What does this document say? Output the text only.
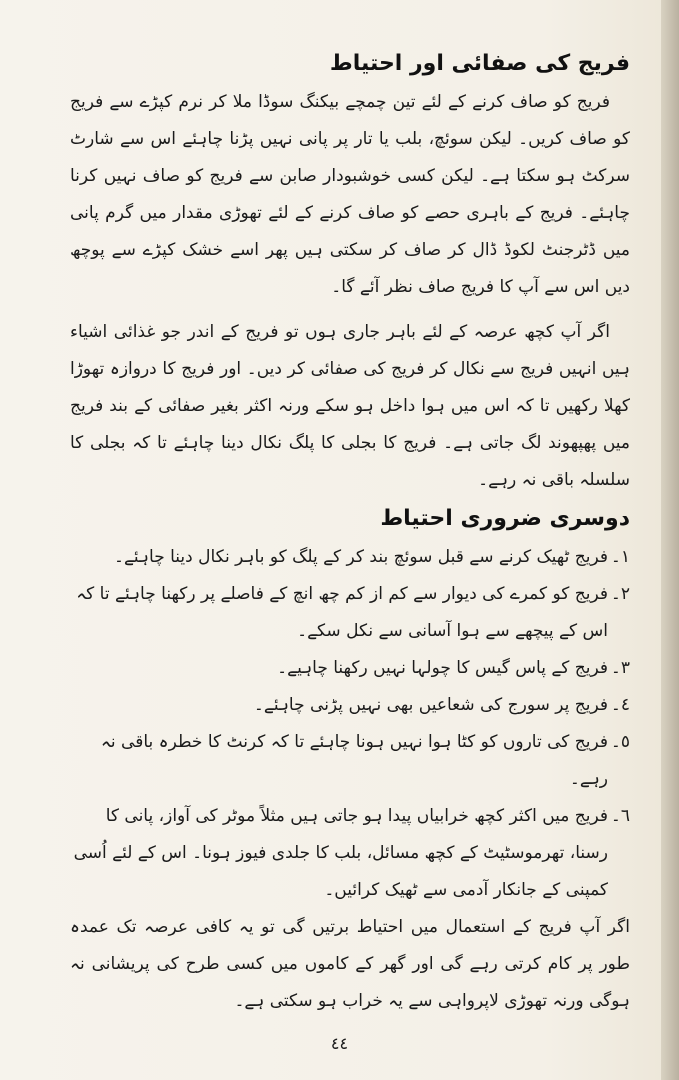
فریج کی صفائی اور احتیاط

فریج کو صاف کرنے کے لئے تین چمچے بیکنگ سوڈا ملا کر نرم کپڑے سے فریج کو صاف کریں۔ لیکن سوئچ، بلب یا تار پر پانی نہیں پڑنا چاہئے اس سے شارٹ سرکٹ ہو سکتا ہے۔ لیکن کسی خوشبودار صابن سے فریج کو صاف نہیں کرنا چاہئے۔ فریج کے باہری حصے کو صاف کرنے کے لئے تھوڑی مقدار میں گرم پانی میں ڈٹرجنٹ لکوڈ ڈال کر صاف کر سکتی ہیں پھر اسے خشک کپڑے سے پوچھ دیں اس سے آپ کا فریج صاف نظر آئے گا۔

اگر آپ کچھ عرصہ کے لئے باہر جاری ہوں تو فریج کے اندر جو غذائی اشیاء ہیں انہیں فریج سے نکال کر فریج کی صفائی کر دیں۔ اور فریج کا دروازہ تھوڑا کھلا رکھیں تا کہ اس میں ہوا داخل ہو سکے ورنہ اکثر بغیر صفائی کے بند فریج میں پھپھوند لگ جاتی ہے۔ فریج کا بجلی کا پلگ نکال دینا چاہئے تا کہ بجلی کا سلسلہ باقی نہ رہے۔

دوسری ضروری احتیاط
١۔
فریج ٹھیک کرنے سے قبل سوئچ بند کر کے پلگ کو باہر نکال دینا چاہئے۔
٢۔
فریج کو کمرے کی دیوار سے کم از کم چھ انچ کے فاصلے پر رکھنا چاہئے تا کہ اس کے پیچھے سے ہوا آسانی سے نکل سکے۔
٣۔
فریج کے پاس گیس کا چولہا نہیں رکھنا چاہیے۔
٤۔
فریج پر سورج کی شعاعیں بھی نہیں پڑنی چاہئے۔
٥۔
فریج کی تاروں کو کٹا ہوا نہیں ہونا چاہئے تا کہ کرنٹ کا خطرہ باقی نہ رہے۔
٦۔
فریج میں اکثر کچھ خرابیاں پیدا ہو جاتی ہیں مثلاً موٹر کی آواز، پانی کا رسنا، تھرموسٹیٹ کے کچھ مسائل، بلب کا جلدی فیوز ہونا۔ اس کے لئے اُسی کمپنی کے جانکار آدمی سے ٹھیک کرائیں۔

اگر آپ فریج کے استعمال میں احتیاط برتیں گی تو یہ کافی عرصہ تک عمدہ طور پر کام کرتی رہے گی اور گھر کے کاموں میں کسی طرح کی پریشانی نہ ہوگی ورنہ تھوڑی لاپرواہی سے یہ خراب ہو سکتی ہے۔

٤٤
